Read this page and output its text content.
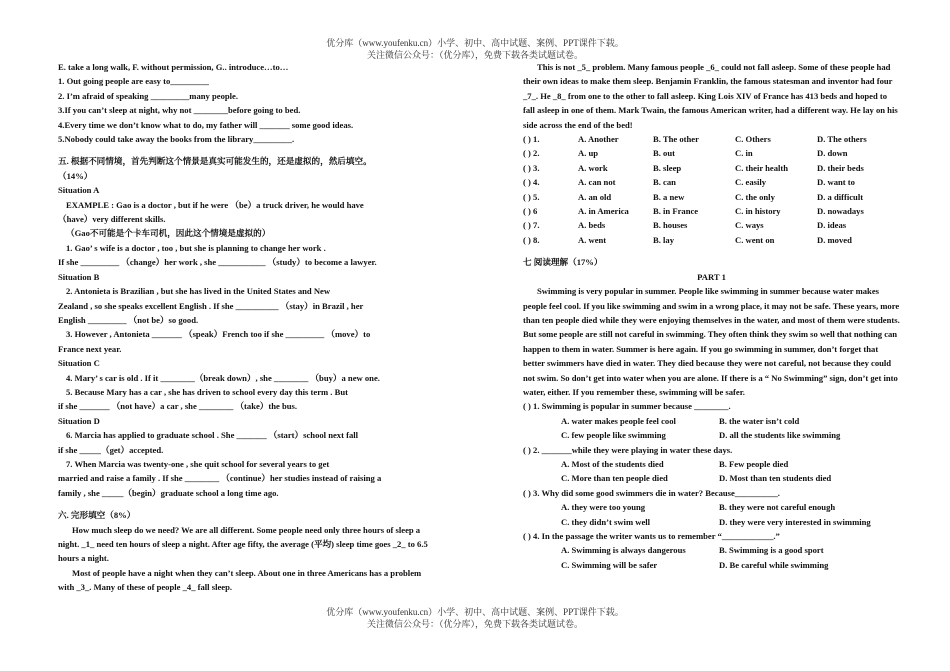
优分库（www.youfenku.cn）小学、初中、高中试题、案例、PPT课件下载。
关注微信公众号：（优分库），免费下载各类试题试卷。
E. take a long walk, F. without permission, G.. introduce…to…
1. Out going people are easy to_________
2. I’m afraid of speaking _________many people.
3.If you can’t sleep at night, why not ________before going to bed.
4.Every time we don’t know what to do, my father will _______ some good ideas.
5.Nobody could take away the books from the library_________.
五. 根据不同情境，首先判断这个情景是真实可能发生的，还是虚拟的，然后填空。
（14%）
Situation A
EXAMPLE : Gao is a doctor , but if he were （be）a truck driver, he would have
（have）very different skills.
（Gao不可能是个卡车司机，因此这个情境是虚拟的）
1. Gao’ s wife is a doctor , too , but she is planning to change her work .
If she _________ （change）her work , she ___________ （study）to become a lawyer.
Situation B
2. Antonieta is Brazilian , but she has lived in the United States and New
Zealand , so she speaks excellent English . If she __________ （stay）in Brazil , her
English _________ （not be）so good.
3. However , Antonieta _______ （speak）French too if she _________ （move）to
France next year.
Situation C
4. Mary’ s car is old . If it ________（break down）, she ________ （buy）a new one.
5. Because Mary has a car , she has driven to school every day this term . But
if she _______ （not have）a car , she ________ （take）the bus.
Situation D
6. Marcia has applied to graduate school . She _______ （start）school next fall
if she _____（get）accepted.
7. When Marcia was twenty-one , she quit school for several years to get
married and raise a family . If she ________ （continue）her studies instead of raising a
family , she _____（begin）graduate school a long time ago.
六. 完形填空（8%）
How much sleep do we need? We are all different. Some people need only three hours of sleep a night. _1_ need ten hours of sleep a night. After age fifty, the average (平均) sleep time goes _2_ to 6.5 hours a night.
Most of people have a night when they can’t sleep. About one in three Americans has a problem with _3_. Many of these of people _4_ fall sleep.
This is not _5_ problem. Many famous people _6_ could not fall asleep. Some of these people had their own ideas to make them sleep. Benjamin Franklin, the famous statesman and inventor had four _7_. He _8_ from one to the other to fall asleep. King Lois XIV of France has 413 beds and hoped to fall asleep in one of them. Mark Twain, the famous American writer, had a different way. He lay on his side across the end of the bed!
( ) 1.	A. Another	B. The other	C. Others	D. The others
( ) 2.	A. up	B. out	C. in	D. down
( ) 3.	A. work	B. sleep	C. their health	D. their beds
( ) 4.	A. can not	B. can	C. easily	D. want to
( ) 5.	A. an old	B. a new	C. the only	D. a difficult
( ) 6	A. in America	B. in France	C. in history	D. nowadays
( ) 7.	A. beds	B. houses	C. ways	D. ideas
( ) 8.	A. went	B. lay	C. went on	D. moved
七 阅读理解（17%）
PART 1
Swimming is very popular in summer. People like swimming in summer because water makes people feel cool. If you like swimming and swim in a wrong place, it may not be safe. These years, more than ten people died while they were enjoying themselves in the water, and most of them were students. But some people are still not careful in swimming. They often think they swim so well that nothing can happen to them in water. Summer is here again. If you go swimming in summer, don’t forget that better swimmers have died in water. They died because they were not careful, not because they could not swim. So don’t get into water when you are alone. If there is a “ No Swimming” sign, don’t get into water, either. If you remember these, swimming will be safer.
( ) 1. Swimming is popular in summer because ________.
A. water makes people feel cool	B. the water isn’t cold
C. few people like swimming	D. all the students like swimming
( ) 2. _______while they were playing in water these days.
A. Most of the students died	B. Few people died
C. More than ten people died	D. Most than ten students died
( ) 3. Why did some good swimmers die in water? Because__________.
A. they were too young	B. they were not careful enough
C. they didn’t swim well	D. they were very interested in swimming
( ) 4. In the passage the writer wants us to remember “____________.”
A. Swimming is always dangerous	B. Swimming is a good sport
C. Swimming will be safer	D. Be careful while swimming
优分库（www.youfenku.cn）小学、初中、高中试题、案例、PPT课件下载。
关注微信公众号：（优分库），免费下载各类试题试卷。
